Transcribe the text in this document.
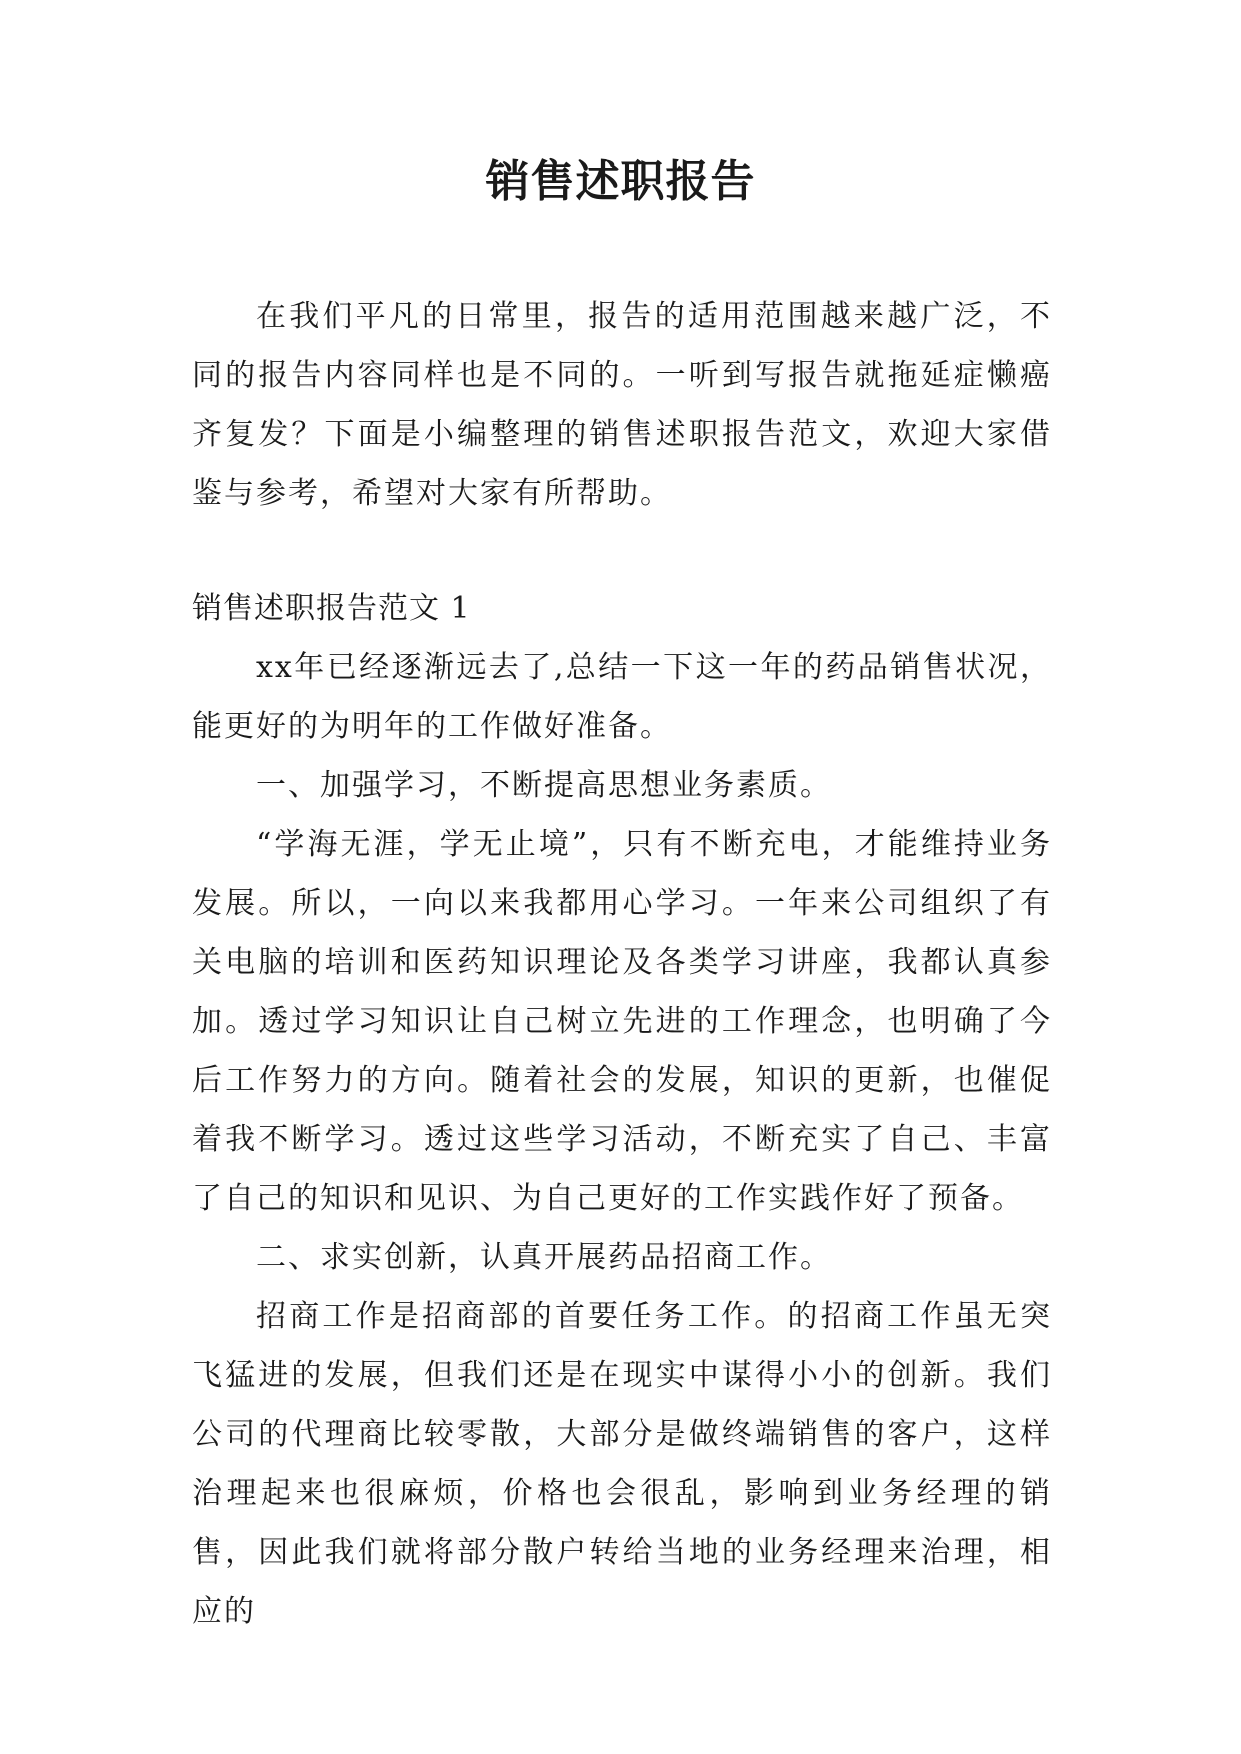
销售述职报告

在我们平凡的日常里，报告的适用范围越来越广泛，不同的报告内容同样也是不同的。一听到写报告就拖延症懒癌齐复发？下面是小编整理的销售述职报告范文，欢迎大家借鉴与参考，希望对大家有所帮助。

销售述职报告范文 1

xx年已经逐渐远去了,总结一下这一年的药品销售状况，能更好的为明年的工作做好准备。

一、加强学习，不断提高思想业务素质。

“学海无涯，学无止境”，只有不断充电，才能维持业务发展。所以，一向以来我都用心学习。一年来公司组织了有关电脑的培训和医药知识理论及各类学习讲座，我都认真参加。透过学习知识让自己树立先进的工作理念，也明确了今后工作努力的方向。随着社会的发展，知识的更新，也催促着我不断学习。透过这些学习活动，不断充实了自己、丰富了自己的知识和见识、为自己更好的工作实践作好了预备。

二、求实创新，认真开展药品招商工作。

招商工作是招商部的首要任务工作。的招商工作虽无突飞猛进的发展，但我们还是在现实中谋得小小的创新。我们公司的代理商比较零散，大部分是做终端销售的客户，这样治理起来也很麻烦，价格也会很乱，影响到业务经理的销售，因此我们就将部分散户转给当地的业务经理来治理，相应的
